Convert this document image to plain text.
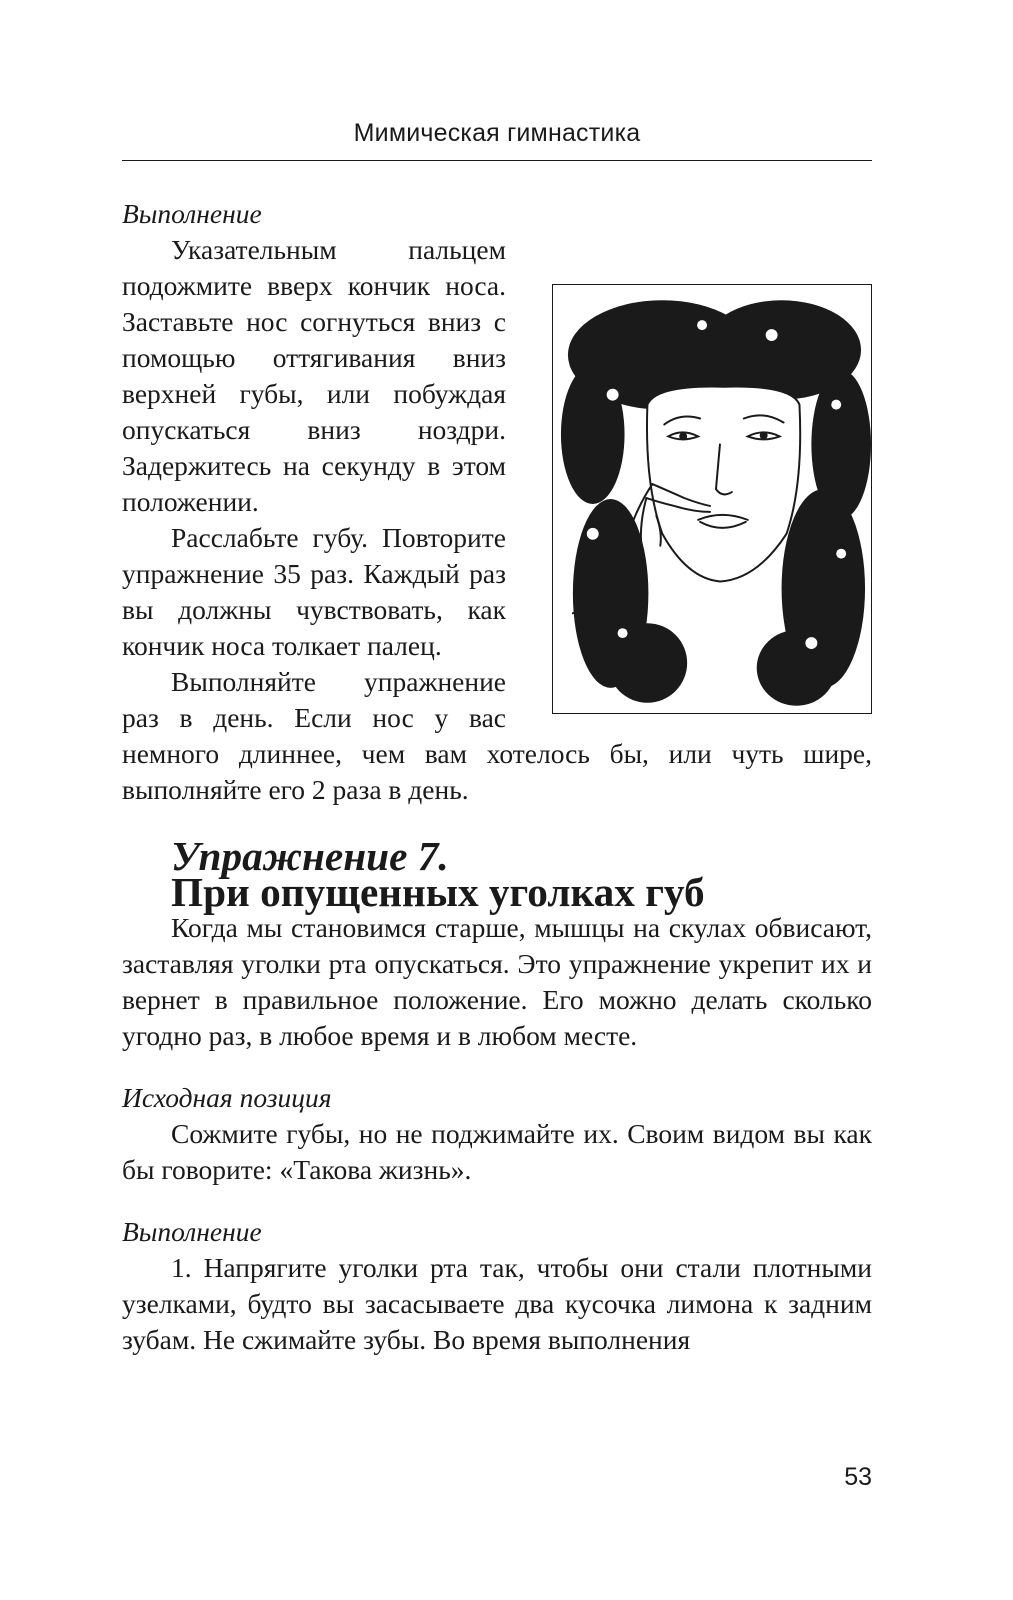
Мимическая гимнастика

Выполнение

Указательным пальцем подожмите вверх кончик носа. Заставьте нос согнуться вниз с помощью оттягивания вниз верхней губы, или побуждая опускаться вниз ноздри. Задержитесь на секунду в этом положении.

Расслабьте губу. Повторите упражнение 35 раз. Каждый раз вы должны чувствовать, как кончик носа толкает палец.

Выполняйте упражнение раз в день. Если нос у вас немного длиннее, чем вам хотелось бы, или чуть шире, выполняйте его 2 раза в день.

Упражнение 7.
При опущенных уголках губ

Когда мы становимся старше, мышцы на скулах обвисают, заставляя уголки рта опускаться. Это упражнение укрепит их и вернет в правильное положение. Его можно делать сколько угодно раз, в любое время и в любом месте.

Исходная позиция

Сожмите губы, но не поджимайте их. Своим видом вы как бы говорите: «Такова жизнь».

Выполнение

1. Напрягите уголки рта так, чтобы они стали плотными узелками, будто вы засасываете два кусочка лимона к задним зубам. Не сжимайте зубы. Во время выполнения

53
